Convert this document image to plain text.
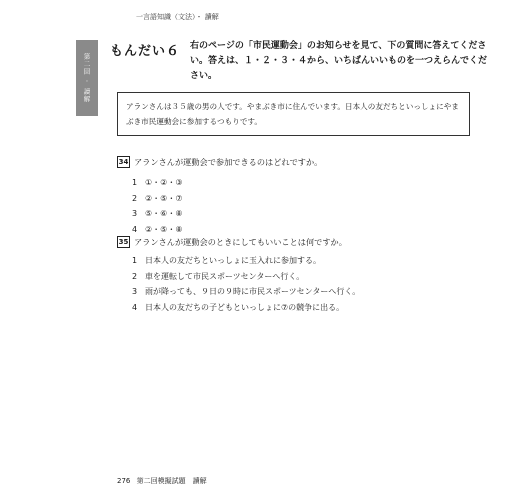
一言語知識（文法）・ 讀解
第二回
・
讀解
もんだい６ 右のページの「市民運動会」のお知らせを見て、下の質問に答えてください。答えは、１・２・３・４から、いちばんいいものを一つえらんでください。
アランさんは３５歳の男の人です。やまぶき市に住んでいます。日本人の友だちといっしょにやまぶき市民運動会に参加するつもりです。
34 アランさんが運動会で参加できるのはどれですか。
1 ①・②・③
2 ②・⑤・⑦
3 ⑤・⑥・⑧
4 ②・⑤・⑧
35 アランさんが運動会のときにしてもいいことは何ですか。
1 日本人の友だちといっしょに玉入れに参加する。
2 車を運転して市民スポーツセンターへ行く。
3 雨が降っても、９日の９時に市民スポーツセンターへ行く。
4 日本人の友だちの子どもといっしょに⑦の競争に出る。
276 第二回模擬試題　讀解
